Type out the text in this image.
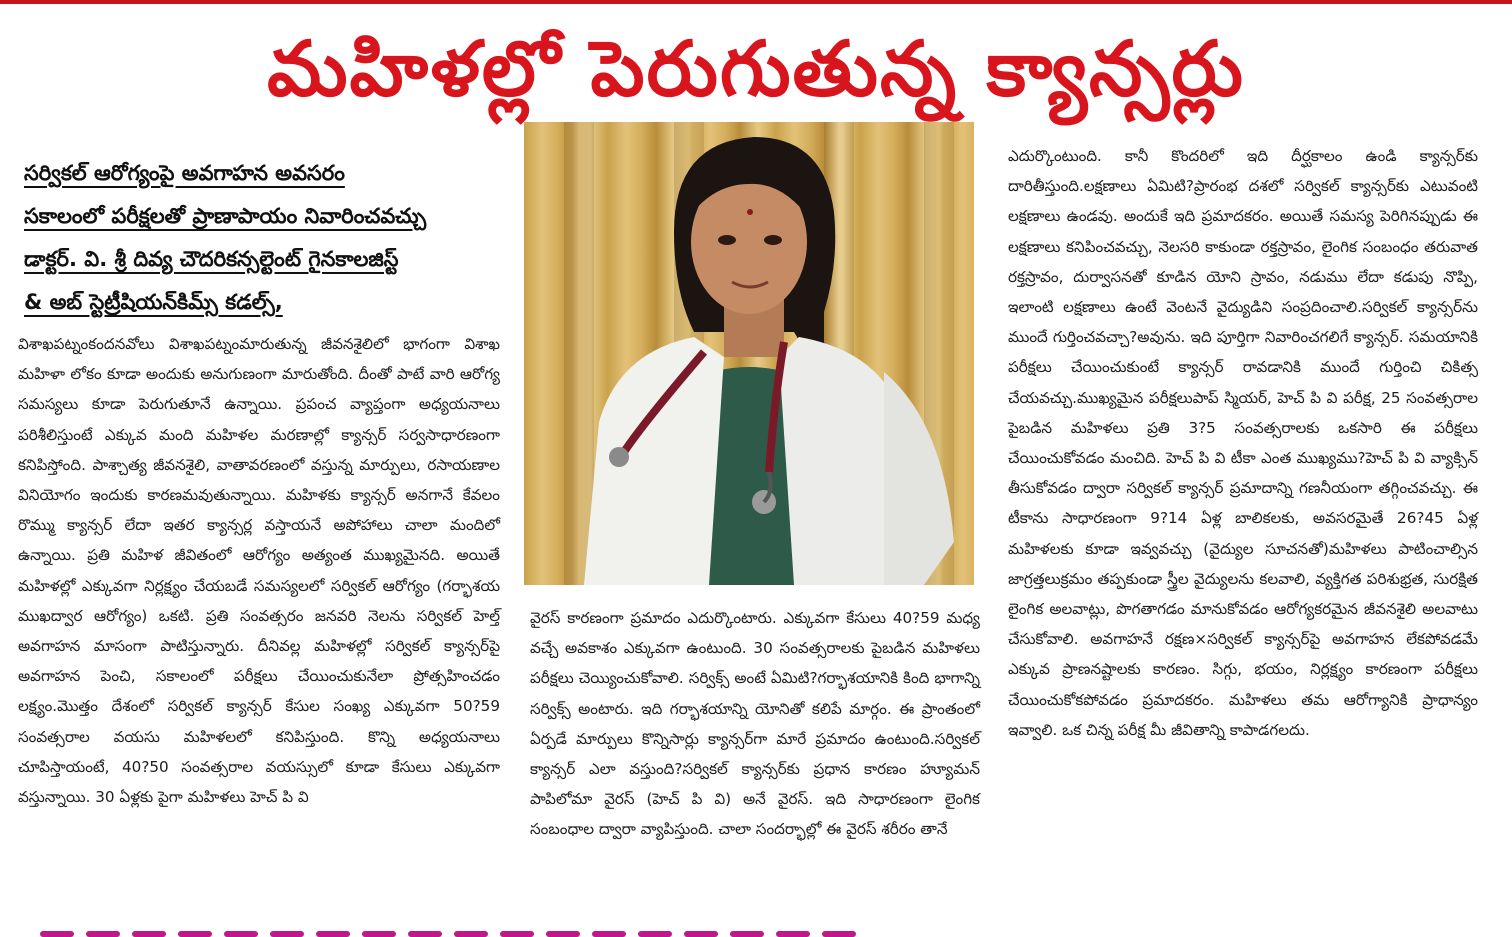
మహిళల్లో పెరుగుతున్న క్యాన్సర్లు
సర్వికల్ ఆరోగ్యంపై అవగాహన అవసరం
సకాలంలో పరీక్షలతో ప్రాణాపాయం నివారించవచ్చు
డాక్టర్. వి. శ్రీ దివ్య చౌదరికన్సల్టెంట్ గైనకాలజిస్ట్
& అబ్ స్టెట్రీషియన్‌కిమ్స్ కడల్స్,

విశాఖపట్నంకందనవోలు విశాఖపట్నంమారుతున్న జీవనశైలిలో భాగంగా విశాఖ మహిళా లోకం కూడా అందుకు అనుగుణంగా మారుతోంది. దీంతో పాటే వారి ఆరోగ్య సమస్యలు కూడా పెరుగుతూనే ఉన్నాయి. ప్రపంచ వ్యాప్తంగా అధ్యయనాలు పరిశీలిస్తుంటే ఎక్కువ మంది మహిళల మరణాల్లో క్యాన్సర్ సర్వసాధారణంగా కనిపిస్తోంది. పాశ్చాత్య జీవనశైలి, వాతావరణంలో వస్తున్న మార్పులు, రసాయణాల వినియోగం ఇందుకు కారణమవుతున్నాయి. మహిళకు క్యాన్సర్ అనగానే కేవలం రొమ్ము క్యాన్సర్ లేదా ఇతర క్యాన్సర్ల వస్తాయనే అపోహాలు చాలా మందిలో ఉన్నాయి. ప్రతి మహిళ జీవితంలో ఆరోగ్యం అత్యంత ముఖ్యమైనది. అయితే మహిళల్లో ఎక్కువగా నిర్లక్ష్యం చేయబడే సమస్యలలో సర్వికల్ ఆరోగ్యం (గర్భాశయ ముఖద్వార ఆరోగ్యం) ఒకటి. ప్రతి సంవత్సరం జనవరి నెలను సర్వికల్ హెల్త్ అవగాహన మాసంగా పాటిస్తున్నారు. దీనివల్ల మహిళల్లో సర్వికల్ క్యాన్సర్‌పై అవగాహన పెంచి, సకాలంలో పరీక్షలు చేయించుకునేలా ప్రోత్సహించడం లక్ష్యం.మొత్తం దేశంలో సర్వికల్ క్యాన్సర్ కేసుల సంఖ్య ఎక్కువగా 50?59 సంవత్సరాల వయసు మహిళలలో కనిపిస్తుంది. కొన్ని అధ్యయనాలు చూపిస్తాయంటే, 40?50 సంవత్సరాల వయస్సులో కూడా కేసులు ఎక్కువగా వస్తున్నాయి. 30 ఏళ్లకు పైగా మహిళలు హెచ్ పి వి

వైరస్ కారణంగా ప్రమాదం ఎదుర్కొంటారు. ఎక్కువగా కేసులు 40?59 మధ్య వచ్చే అవకాశం ఎక్కువగా ఉంటుంది. 30 సంవత్సరాలకు పైబడిన మహిళలు పరీక్షలు చెయ్యించుకోవాలి. సర్విక్స్ అంటే ఏమిటి?గర్భాశయానికి కింది భాగాన్ని సర్విక్స్ అంటారు. ఇది గర్భాశయాన్ని యోనితో కలిపే మార్గం. ఈ ప్రాంతంలో ఏర్పడే మార్పులు కొన్నిసార్లు క్యాన్సర్‌గా మారే ప్రమాదం ఉంటుంది.సర్వికల్ క్యాన్సర్ ఎలా వస్తుంది?సర్వికల్ క్యాన్సర్‌కు ప్రధాన కారణం హ్యూమన్ పాపిలోమా వైరస్ (హెచ్ పి వి) అనే వైరస్. ఇది సాధారణంగా లైంగిక సంబంధాల ద్వారా వ్యాపిస్తుంది. చాలా సందర్భాల్లో ఈ వైరస్ శరీరం తానే

ఎదుర్కొంటుంది. కానీ కొందరిలో ఇది దీర్ఘకాలం ఉండి క్యాన్సర్‌కు దారితీస్తుంది.లక్షణాలు ఏమిటి?ప్రారంభ దశలో సర్వికల్ క్యాన్సర్‌కు ఎటువంటి లక్షణాలు ఉండవు. అందుకే ఇది ప్రమాదకరం. అయితే సమస్య పెరిగినప్పుడు ఈ లక్షణాలు కనిపించవచ్చు, నెలసరి కాకుండా రక్తస్రావం, లైంగిక సంబంధం తరువాత రక్తస్రావం, దుర్వాసనతో కూడిన యోని స్రావం, నడుము లేదా కడుపు నొప్పి, ఇలాంటి లక్షణాలు ఉంటే వెంటనే వైద్యుడిని సంప్రదించాలి.సర్వికల్ క్యాన్సర్‌ను ముందే గుర్తించవచ్చా?అవును. ఇది పూర్తిగా నివారించగలిగే క్యాన్సర్. సమయానికి పరీక్షలు చేయించుకుంటే క్యాన్సర్ రావడానికి ముందే గుర్తించి చికిత్స చేయవచ్చు.ముఖ్యమైన పరీక్షలుపాప్ స్మియర్, హెచ్ పి వి పరీక్ష, 25 సంవత్సరాల పైబడిన మహిళలు ప్రతి 3?5 సంవత్సరాలకు ఒకసారి ఈ పరీక్షలు చేయించుకోవడం మంచిది. హెచ్ పి వి టీకా ఎంత ముఖ్యము?హెచ్ పి వి వ్యాక్సిన్ తీసుకోవడం ద్వారా సర్వికల్ క్యాన్సర్ ప్రమాదాన్ని గణనీయంగా తగ్గించవచ్చు. ఈ టీకాను సాధారణంగా 9?14 ఏళ్ల బాలికలకు, అవసరమైతే 26?45 ఏళ్ల మహిళలకు కూడా ఇవ్వవచ్చు (వైద్యుల సూచనతో)మహిళలు పాటించాల్సిన జాగ్రత్తలుక్రమం తప్పకుండా స్త్రీల వైద్యులను కలవాలి, వ్యక్తిగత పరిశుభ్రత, సురక్షిత లైంగిక అలవాట్లు, పొగతాగడం మానుకోవడం ఆరోగ్యకరమైన జీవనశైలి అలవాటు చేసుకోవాలి. అవగాహనే రక్షణ×సర్వికల్ క్యాన్సర్‌పై అవగాహన లేకపోవడమే ఎక్కువ ప్రాణనష్టాలకు కారణం. సిగ్గు, భయం, నిర్లక్ష్యం కారణంగా పరీక్షలు చేయించుకోకపోవడం ప్రమాదకరం. మహిళలు తమ ఆరోగ్యానికి ప్రాధాన్యం ఇవ్వాలి. ఒక చిన్న పరీక్ష మీ జీవితాన్ని కాపాడగలదు.
